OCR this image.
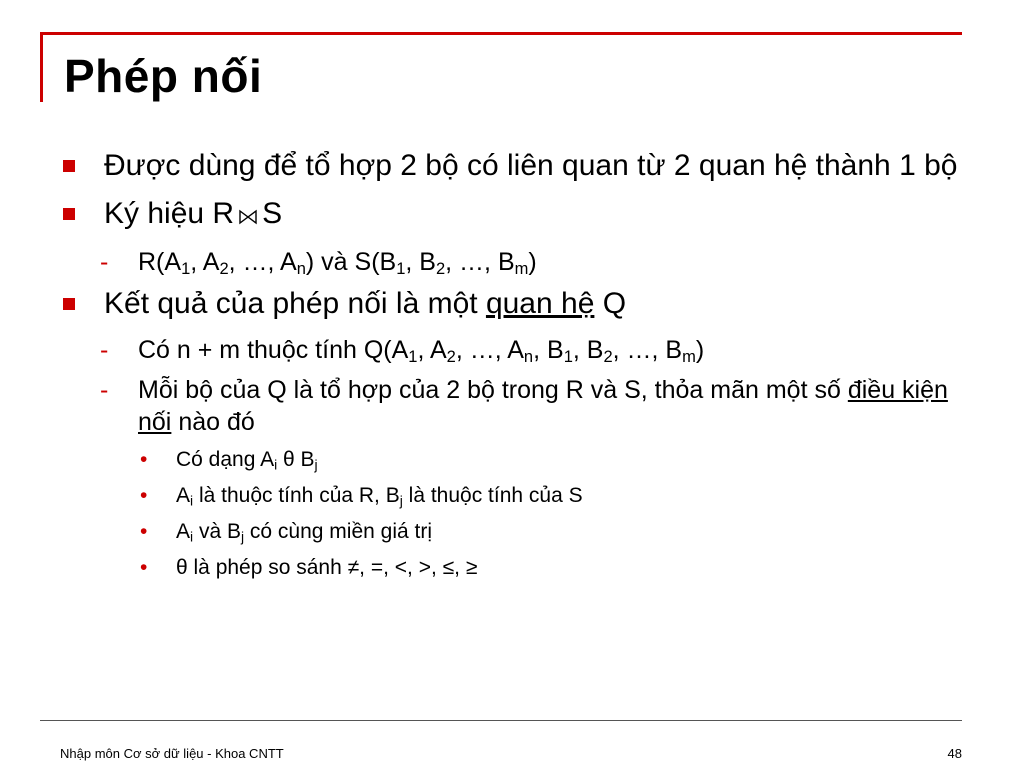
Phép nối
Được dùng để tổ hợp 2 bộ có liên quan từ 2 quan hệ thành 1 bộ
Ký hiệu R S
- $R(A_1$, $A_2$, …, $A_n$) và $S(B_1$, $B_2$, …, $B_m$)
Kết quả của phép nối là một quan hệ Q
- Có n + m thuộc tính $Q(A_1$, $A_2$, …, $A_n$, $B_1$, $B_2$, …, $B_m$)
- Mỗi bộ của Q là tổ hợp của 2 bộ trong R và S, thỏa mãn một số điều kiện nối nào đó
• Có dạng $A_i$ θ $B_j$
• $A_i$ là thuộc tính của R, $B_j$ là thuộc tính của S
• $A_i$ và $B_j$ có cùng miền giá trị
• θ là phép so sánh ≠, =, <, >, ≤, ≥
Nhập môn Cơ sở dữ liệu - Khoa CNTT	48
